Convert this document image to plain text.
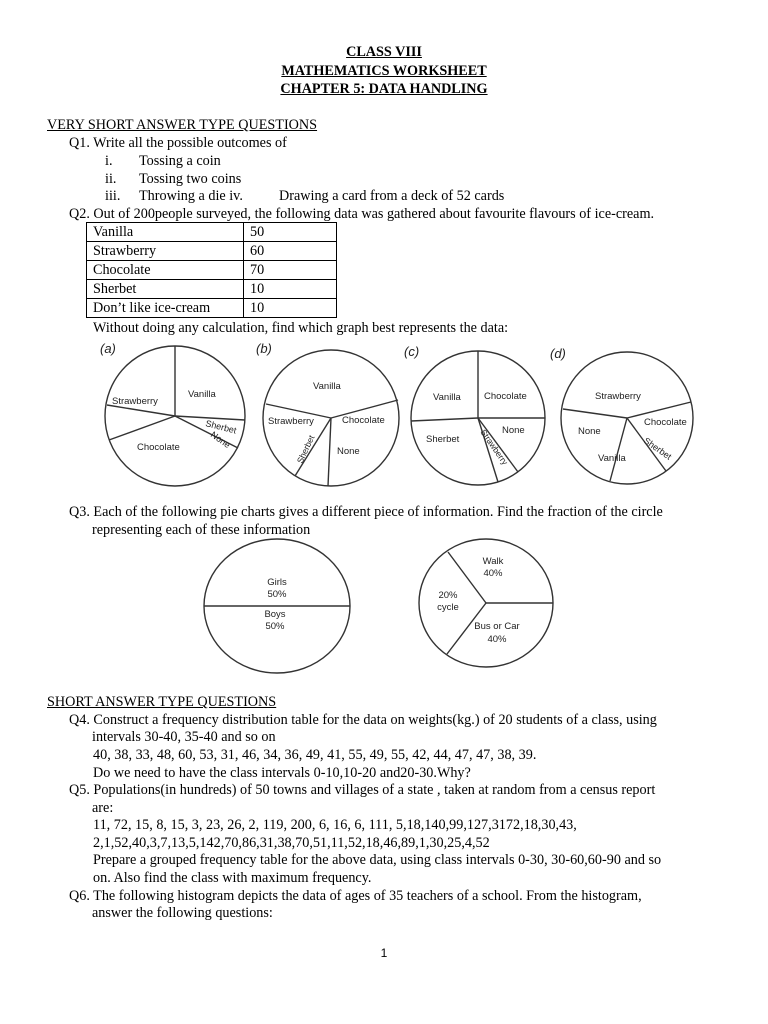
CLASS VIII
MATHEMATICS WORKSHEET
CHAPTER 5: DATA HANDLING
VERY SHORT ANSWER TYPE QUESTIONS
Q1. Write all the possible outcomes of
i. Tossing a coin
ii. Tossing two coins
iii. Throwing a die iv.	Drawing a card from a deck of 52 cards
Q2. Out of 200people surveyed, the following data was gathered about favourite flavours of ice-cream.
Vanilla	50
Strawberry	60
Chocolate	70
Sherbet	10
Don’t like ice-cream	10
Without doing any calculation, find which graph best represents the data:
(a)	(b)	(c)	(d)
Strawberry
Vanilla
Sherbet
None
Chocolate
Vanilla
Strawberry	Chocolate
Sherbet None
Vanilla Chocolate
None
Sherbet Strawberry
Strawberry
Chocolate
None
Sherbet
Vanilla
Q3. Each of the following pie charts gives a different piece of information. Find the fraction of the circle
representing each of these information
Girls
50%
Boys
50%
Walk
40%
20%
cycle
Bus or Car
40%
SHORT ANSWER TYPE QUESTIONS
Q4. Construct a frequency distribution table for the data on weights(kg.) of 20 students of a class, using
intervals 30-40, 35-40 and so on
40, 38, 33, 48, 60, 53, 31, 46, 34, 36, 49, 41, 55, 49, 55, 42, 44, 47, 47, 38, 39.
Do we need to have the class intervals 0-10,10-20 and20-30.Why?
Q5. Populations(in hundreds) of 50 towns and villages of a state , taken at random from a census report
are:
11, 72, 15, 8, 15, 3, 23, 26, 2, 119, 200, 6, 16, 6, 111, 5,18,140,99,127,3172,18,30,43,
2,1,52,40,3,7,13,5,142,70,86,31,38,70,51,11,52,18,46,89,1,30,25,4,52
Prepare a grouped frequency table for the above data, using class intervals 0-30, 30-60,60-90 and so
on. Also find the class with maximum frequency.
Q6. The following histogram depicts the data of ages of 35 teachers of a school. From the histogram,
answer the following questions:
1
